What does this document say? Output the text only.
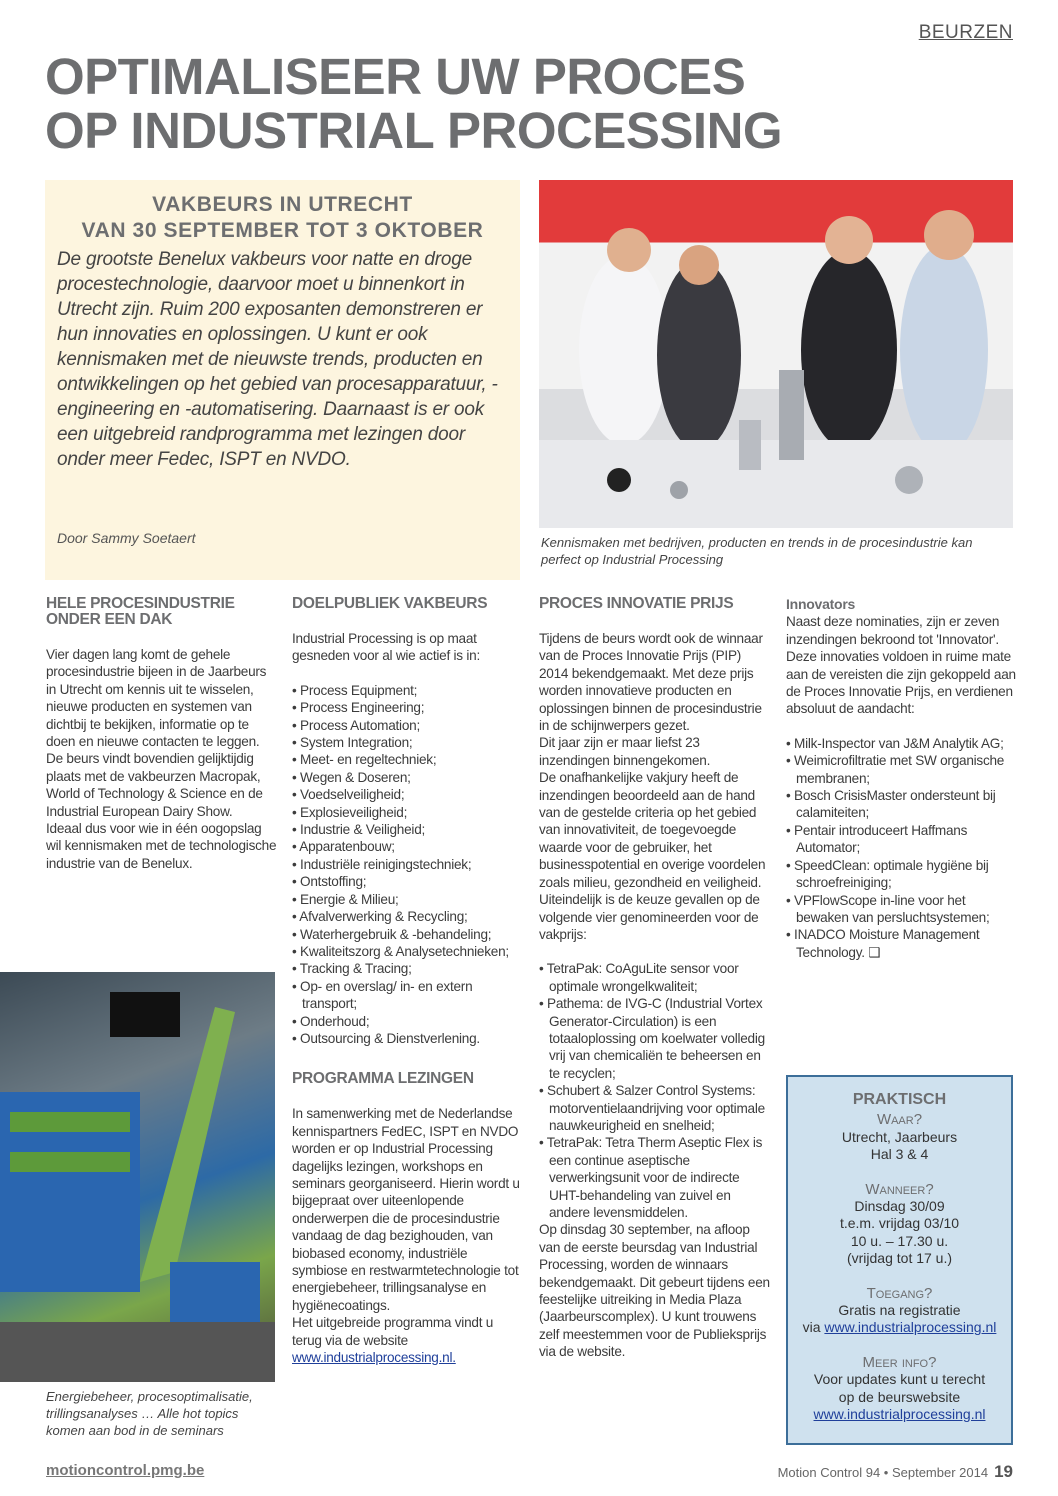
BEURZEN
OPTIMALISEER UW PROCES
OP INDUSTRIAL PROCESSING
VAKBEURS IN UTRECHT
VAN 30 SEPTEMBER TOT 3 OKTOBER

De grootste Benelux vakbeurs voor natte en droge procestechnologie, daarvoor moet u binnenkort in Utrecht zijn. Ruim 200 exposanten demonstreren er hun innovaties en oplossingen. U kunt er ook kennismaken met de nieuwste trends, producten en ontwikkelingen op het gebied van procesapparatuur, -engineering en -automatisering. Daarnaast is er ook een uitgebreid randprogramma met lezingen door onder meer Fedec, ISPT en NVDO.

Door Sammy Soetaert	Kennismaken met bedrijven, producten en trends in de procesindustrie kan perfect op Industrial Processing

HELE PROCESINDUSTRIE ONDER EEN DAK

Vier dagen lang komt de gehele procesindustrie bijeen in de Jaarbeurs in Utrecht om kennis uit te wisselen, nieuwe producten en systemen van dichtbij te bekijken, informatie op te doen en nieuwe contacten te leggen.

De beurs vindt bovendien gelijktijdig plaats met de vakbeurzen Macropak, World of Technology & Science en de Industrial European Dairy Show.

Ideaal dus voor wie in één oogopslag wil kennismaken met de technologische industrie van de Benelux.

Energiebeheer, procesoptimalisatie, trillingsanalyses … Alle hot topics komen aan bod in de seminars

DOELPUBLIEK VAKBEURS

Industrial Processing is op maat gesneden voor al wie actief is in:

• Process Equipment;
• Process Engineering;
• Process Automation;
• System Integration;
• Meet- en regeltechniek;
• Wegen & Doseren;
• Voedselveiligheid;
• Explosieveiligheid;
• Industrie & Veiligheid;
• Apparatenbouw;
• Industriële reinigingstechniek;
• Ontstoffing;
• Energie & Milieu;
• Afvalverwerking & Recycling;
• Waterhergebruik & -behandeling;
• Kwaliteitszorg & Analysetechnieken;
• Tracking & Tracing;
• Op- en overslag/ in- en extern transport;
• Onderhoud;
• Outsourcing & Dienstverlening.
PROGRAMMA LEZINGEN

In samenwerking met de Nederlandse kennispartners FedEC, ISPT en NVDO worden er op Industrial Processing dagelijks lezingen, workshops en seminars georganiseerd. Hierin wordt u bijgepraat over uiteenlopende onderwerpen die de procesindustrie vandaag de dag bezighouden, van biobased economy, industriële symbiose en restwarmtetechnologie tot energiebeheer, trillingsanalyse en hygiënecoatings.

Het uitgebreide programma vindt u terug via de website

www.industrialprocessing.nl.
PROCES INNOVATIE PRIJS

Tijdens de beurs wordt ook de winnaar van de Proces Innovatie Prijs (PIP) 2014 bekendgemaakt. Met deze prijs worden innovatieve producten en oplossingen binnen de procesindustrie in de schijnwerpers gezet.

Dit jaar zijn er maar liefst 23 inzendingen binnengekomen.

De onafhankelijke vakjury heeft de inzendingen beoordeeld aan de hand van de gestelde criteria op het gebied van innovativiteit, de toegevoegde waarde voor de gebruiker, het businesspotential en overige voordelen zoals milieu, gezondheid en veiligheid.

Uiteindelijk is de keuze gevallen op de volgende vier genomineerden voor de vakprijs:

• TetraPak: CoAguLite sensor voor optimale wrongelkwaliteit;
• Pathema: de IVG-C (Industrial Vortex Generator-Circulation) is een totaaloplossing om koelwater volledig vrij van chemicaliën te beheersen en te recyclen;
• Schubert & Salzer Control Systems: motorventielaandrijving voor optimale nauwkeurigheid en snelheid;
• TetraPak: Tetra Therm Aseptic Flex is een continue aseptische verwerkingsunit voor de indirecte UHT-behandeling van zuivel en andere levensmiddelen.

Op dinsdag 30 september, na afloop van de eerste beursdag van Industrial Processing, worden de winnaars bekendgemaakt. Dit gebeurt tijdens een feestelijke uitreiking in Media Plaza (Jaarbeurscomplex). U kunt trouwens zelf meestemmen voor de Publieksprijs via de website.

Innovators

Naast deze nominaties, zijn er zeven inzendingen bekroond tot 'Innovator'.

Deze innovaties voldoen in ruime mate aan de vereisten die zijn gekoppeld aan de Proces Innovatie Prijs, en verdienen absoluut de aandacht:

• Milk-Inspector van J&M Analytik AG;
• Weimicrofiltratie met SW organische membranen;
• Bosch CrisisMaster ondersteunt bij calamiteiten;
• Pentair introduceert Haffmans Automator;
• SpeedClean: optimale hygiëne bij schroefreiniging;
• VPFlowScope in-line voor het bewaken van persluchtsystemen;
• INADCO Moisture Management Technology. ❑
PRAKTISCH
Waar?
Utrecht, Jaarbeurs
Hal 3 & 4
Wanneer?
Dinsdag 30/09
t.e.m. vrijdag 03/10
10 u. – 17.30 u.
(vrijdag tot 17 u.)
Toegang?
Gratis na registratie
via www.industrialprocessing.nl
Meer info?
Voor updates kunt u terecht
op de beurswebsite
www.industrialprocessing.nl
motioncontrol.pmg.be	Motion Control 94 • September 2014 19
